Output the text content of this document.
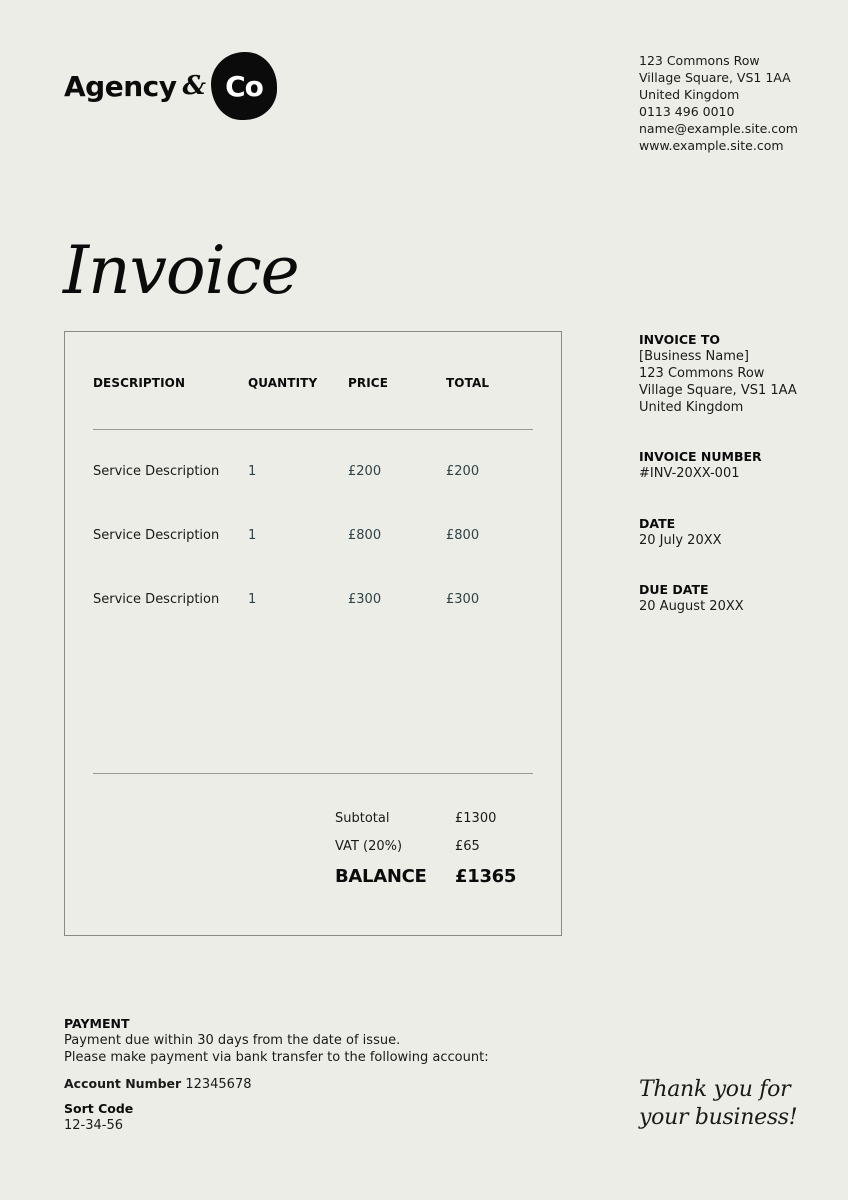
Agency & Co
123 Commons Row
Village Square, VS1 1AA
United Kingdom
0113 496 0010
name@example.site.com
www.example.site.com
Invoice
DESCRIPTION	QUANTITY	PRICE	TOTAL
Service Description 1	£200	£200
Service Description 1	£800	£800
Service Description 1	£300	£300
Subtotal	£1300
VAT (20%)	£65
BALANCE £1365
INVOICE TO
[Business Name]
123 Commons Row
Village Square, VS1 1AA
United Kingdom
INVOICE NUMBER
#INV-20XX-001
DATE
20 July 20XX
DUE DATE
20 August 20XX
PAYMENT
Payment due within 30 days from the date of issue.
Please make payment via bank transfer to the following account:
Account Number 12345678
Sort Code
12-34-56
Thank you for
your business!
